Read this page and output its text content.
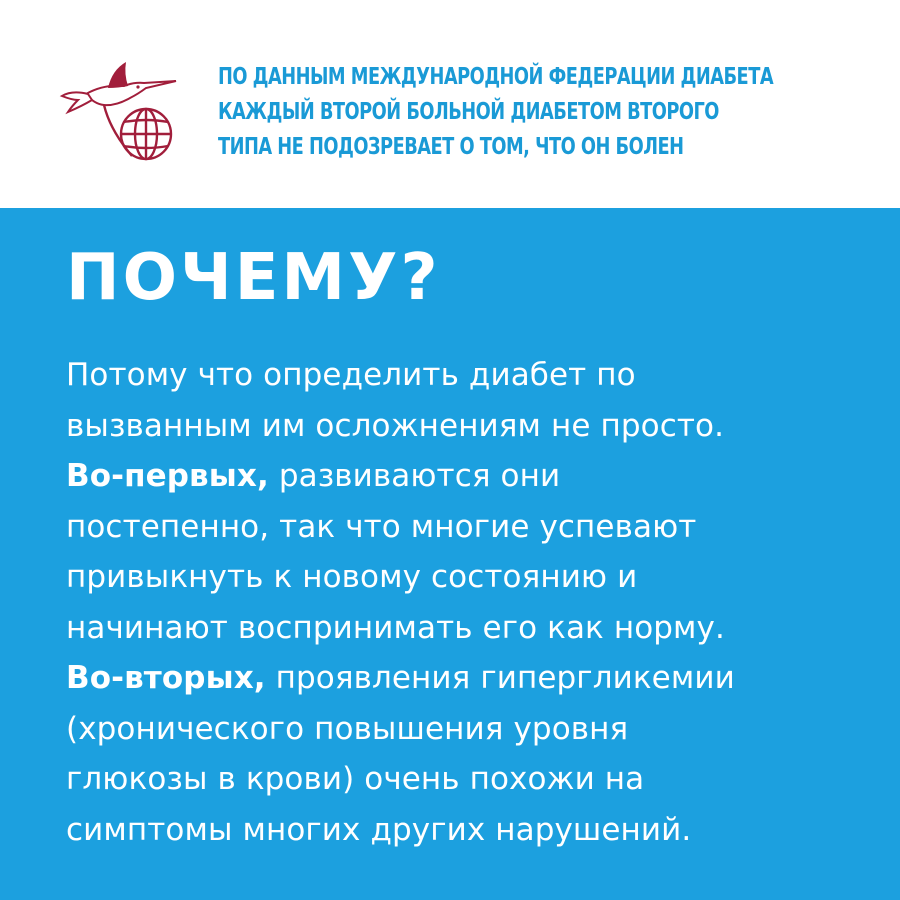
ПО ДАННЫМ МЕЖДУНАРОДНОЙ ФЕДЕРАЦИИ ДИАБЕТА
КАЖДЫЙ ВТОРОЙ БОЛЬНОЙ ДИАБЕТОМ ВТОРОГО
ТИПА НЕ ПОДОЗРЕВАЕТ О ТОМ, ЧТО ОН БОЛЕН
ПОЧЕМУ?
Потому что определить диабет по
вызванным им осложнениям не просто.
Во-первых, развиваются они
постепенно, так что многие успевают
привыкнуть к новому состоянию и
начинают воспринимать его как норму.
Во-вторых, проявления гипергликемии
(хронического повышения уровня
глюкозы в крови) очень похожи на
симптомы многих других нарушений.
